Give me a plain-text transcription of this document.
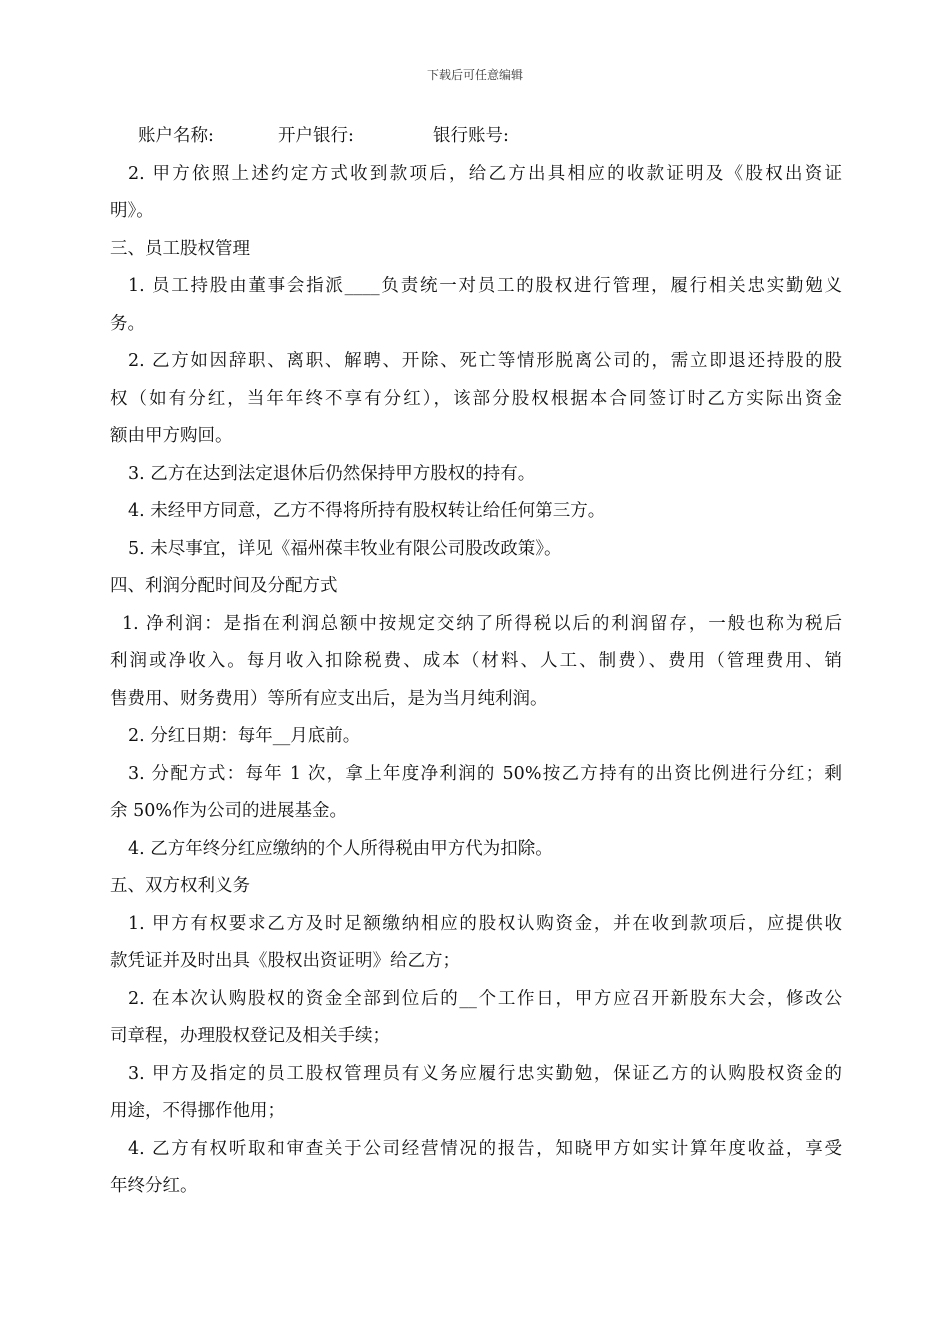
下载后可任意编辑
账户名称:	开户银行:	银行账号:
2. 甲方依照上述约定方式收到款项后，给乙方出具相应的收款证明及《股权出资证
明》。
三、员工股权管理
1. 员工持股由董事会指派____负责统一对员工的股权进行管理，履行相关忠实勤勉义
务。
2. 乙方如因辞职、离职、解聘、开除、死亡等情形脱离公司的，需立即退还持股的股
权（如有分红，当年年终不享有分红），该部分股权根据本合同签订时乙方实际出资金
额由甲方购回。
3. 乙方在达到法定退休后仍然保持甲方股权的持有。
4. 未经甲方同意，乙方不得将所持有股权转让给任何第三方。
5. 未尽事宜，详见《福州葆丰牧业有限公司股改政策》。
四、利润分配时间及分配方式
1. 净利润：是指在利润总额中按规定交纳了所得税以后的利润留存，一般也称为税后
利润或净收入。每月收入扣除税费、成本（材料、人工、制费）、费用（管理费用、销
售费用、财务费用）等所有应支出后，是为当月纯利润。
2. 分红日期：每年__月底前。
3. 分配方式：每年 1 次，拿上年度净利润的 50%按乙方持有的出资比例进行分红；剩
余 50%作为公司的进展基金。
4. 乙方年终分红应缴纳的个人所得税由甲方代为扣除。
五、双方权利义务
1. 甲方有权要求乙方及时足额缴纳相应的股权认购资金，并在收到款项后，应提供收
款凭证并及时出具《股权出资证明》给乙方；
2. 在本次认购股权的资金全部到位后的__个工作日，甲方应召开新股东大会，修改公
司章程，办理股权登记及相关手续；
3. 甲方及指定的员工股权管理员有义务应履行忠实勤勉，保证乙方的认购股权资金的
用途，不得挪作他用；
4. 乙方有权听取和审查关于公司经营情况的报告，知晓甲方如实计算年度收益，享受
年终分红。
